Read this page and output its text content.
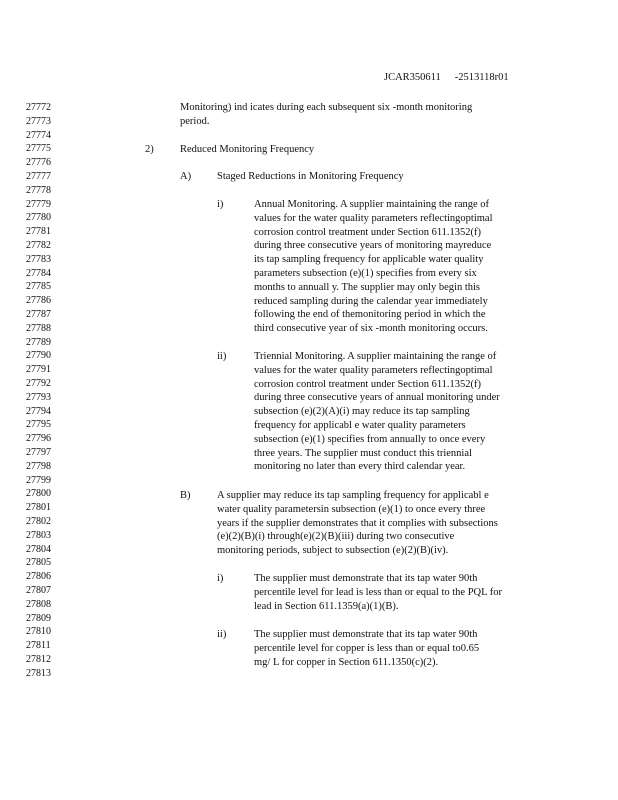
JCAR350611 -2513118r01
27772
27773
27774
27775
27776
27777
27778
27779
27780
27781
27782
27783
27784
27785
27786
27787
27788
27789
27790
27791
27792
27793
27794
27795
27796
27797
27798
27799
27800
27801
27802
27803
27804
27805
27806
27807
27808
27809
27810
27811
27812
27813
Monitoring) ind icates during each subsequent six -month monitoring
period.
2)	Reduced Monitoring Frequency
A) Staged Reductions in Monitoring Frequency
i)	Annual Monitoring. A supplier maintaining the range of
values for the water quality parameters reflectingoptimal
corrosion control treatment under Section 611.1352(f)
during three consecutive years of monitoring mayreduce
its tap sampling frequency for applicable water quality
parameters subsection (e)(1) specifies from every six
months to annuall y. The supplier may only begin this
reduced sampling during the calendar year immediately
following the end of themonitoring period in which the
third consecutive year of six -month monitoring occurs.
ii)	Triennial Monitoring. A supplier maintaining the range of
values for the water quality parameters reflectingoptimal
corrosion control treatment under Section 611.1352(f)
during three consecutive years of annual monitoring under
subsection (e)(2)(A)(i) may reduce its tap sampling
frequency for applicabl e water quality parameters
subsection (e)(1) specifies from annually to once every
three years. The supplier must conduct this triennial
monitoring no later than every third calendar year.
B)	A supplier may reduce its tap sampling frequency for applicabl e
water quality parametersin subsection (e)(1) to once every three
years if the supplier demonstrates that it complies with subsections
(e)(2)(B)(i) through(e)(2)(B)(iii) during two consecutive
monitoring periods, subject to subsection (e)(2)(B)(iv).
i)	The supplier must demonstrate that its tap water 90th
percentile level for lead is less than or equal to the PQL for
lead in Section 611.1359(a)(1)(B).
ii)	The supplier must demonstrate that its tap water 90th
percentile level for copper is less than or equal to0.65
mg/ L for copper in Section 611.1350(c)(2).
